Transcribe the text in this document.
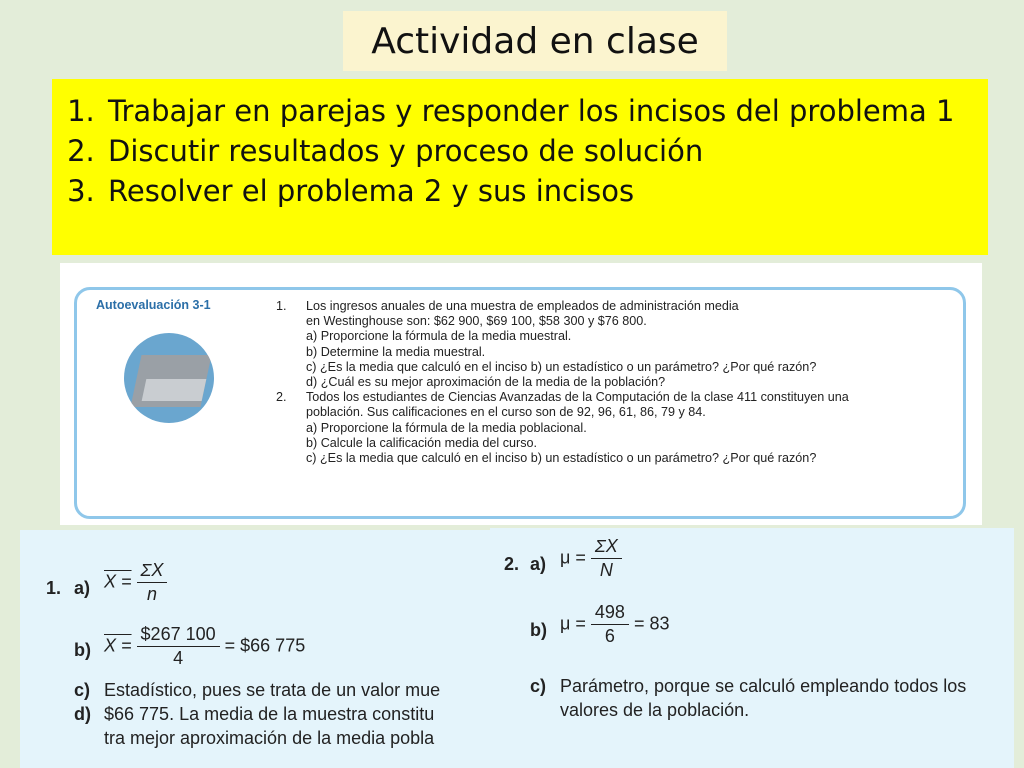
Actividad en clase
1. Trabajar en parejas y responder los incisos del problema 1
2. Discutir resultados y proceso de solución
3. Resolver el problema 2 y sus incisos
Autoevaluación 3-1	1.	Los ingresos anuales de una muestra de empleados de administración media
en Westinghouse son: $62 900, $69 100, $58 300 y $76 800.
a) Proporcione la fórmula de la media muestral.
b) Determine la media muestral.
c) ¿Es la media que calculó en el inciso b) un estadístico o un parámetro? ¿Por qué razón?
d) ¿Cuál es su mejor aproximación de la media de la población?
2.	Todos los estudiantes de Ciencias Avanzadas de la Computación de la clase 411 constituyen una
población. Sus calificaciones en el curso son de 92, 96, 61, 86, 79 y 84.
a) Proporcione la fórmula de la media poblacional.
b) Calcule la calificación media del curso.
c) ¿Es la media que calculó en el inciso b) un estadístico o un parámetro? ¿Por qué razón?
1. a) $X = \frac{\Sigma X}{n}$
b) $X = \frac{\$267 100}{4}$ = $66 775
c) Estadístico, pues se trata de un valor mue
d) $66 775. La media de la muestra constitu
tra mejor aproximación de la media pobla
2. a) $\mu = \frac{\Sigma X}{N}$
b) $\mu = \frac{498}{6} = 83$
c) Parámetro, porque se calculó empleando todos los
valores de la población.
